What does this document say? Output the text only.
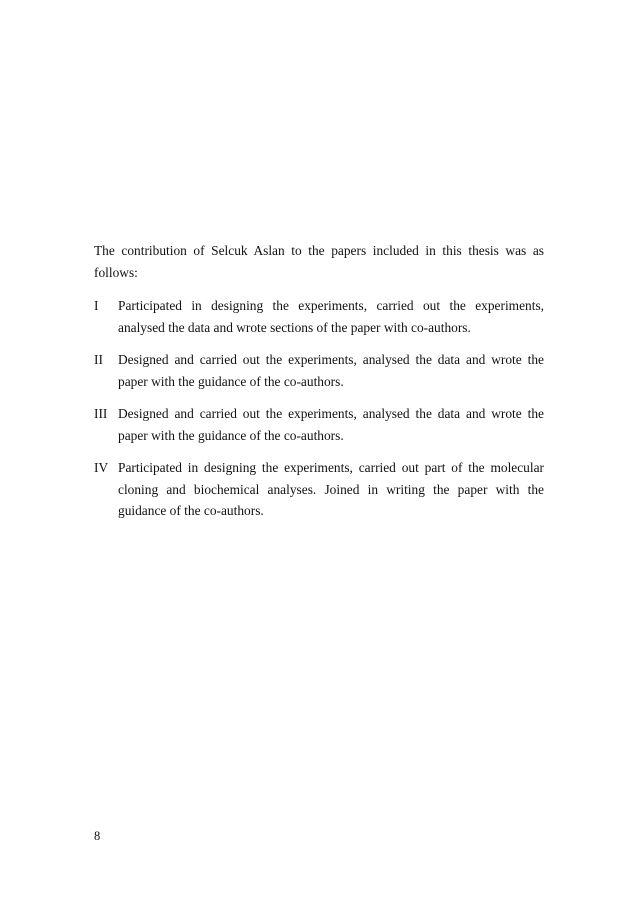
The contribution of Selcuk Aslan to the papers included in this thesis was as follows:

I	Participated in designing the experiments, carried out the experiments, analysed the data and wrote sections of the paper with co-authors.
II	Designed and carried out the experiments, analysed the data and wrote the paper with the guidance of the co-authors.
III Designed and carried out the experiments, analysed the data and wrote the paper with the guidance of the co-authors.
IV Participated in designing the experiments, carried out part of the molecular cloning and biochemical analyses. Joined in writing the paper with the guidance of the co-authors.
8
